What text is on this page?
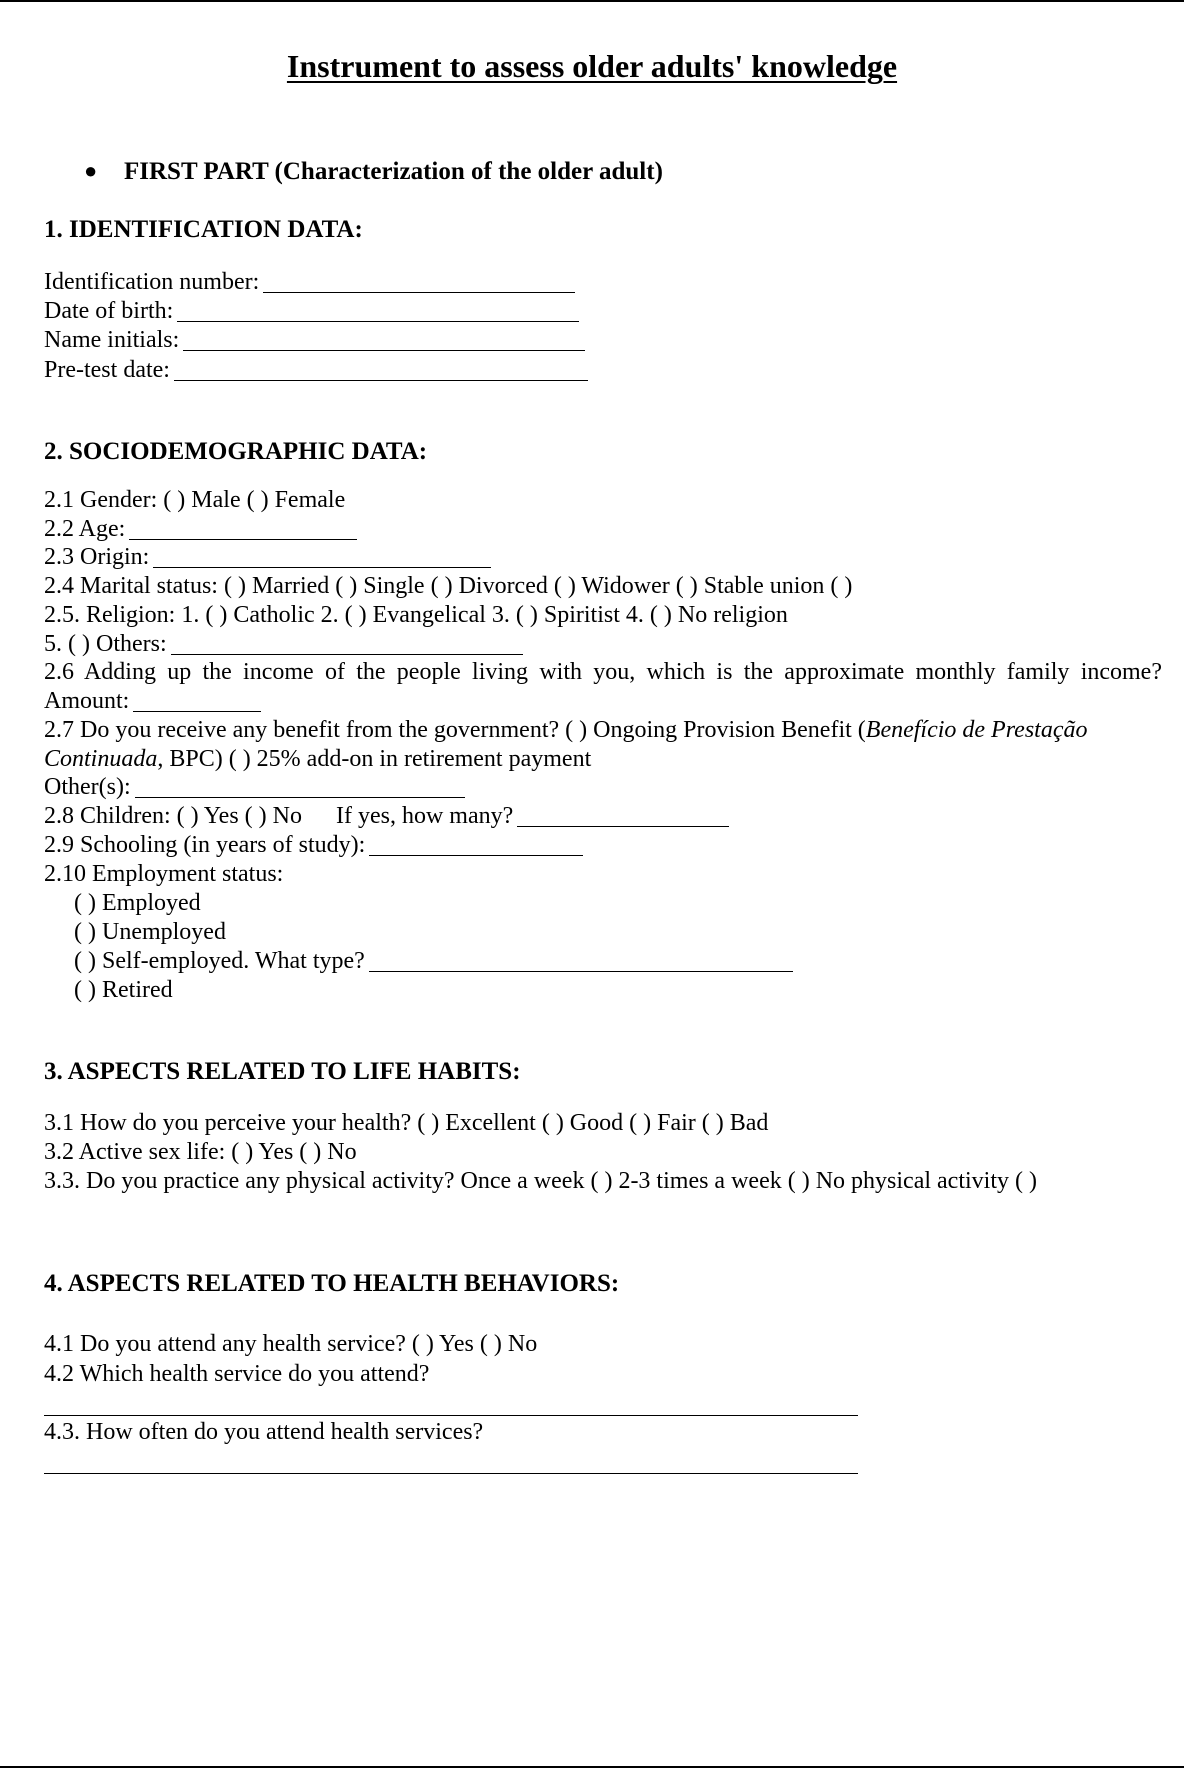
Instrument to assess older adults' knowledge
● FIRST PART (Characterization of the older adult)
1. IDENTIFICATION DATA:
Identification number:
Date of birth:
Name initials:
Pre-test date:
2. SOCIODEMOGRAPHIC DATA:
2.1 Gender: ( ) Male ( ) Female
2.2 Age:
2.3 Origin:
2.4 Marital status: ( ) Married ( ) Single ( ) Divorced ( ) Widower ( ) Stable union ( )
2.5. Religion: 1. ( ) Catholic 2. ( ) Evangelical 3. ( ) Spiritist 4. ( ) No religion
5. ( ) Others:
2.6 Adding up the income of the people living with you, which is the approximate monthly family income?
Amount:
2.7 Do you receive any benefit from the government? ( ) Ongoing Provision Benefit (Benefício de Prestação
Continuada, BPC) ( ) 25% add-on in retirement payment
Other(s):
2.8 Children: ( ) Yes ( ) No If yes, how many?
2.9 Schooling (in years of study):
2.10 Employment status:
( ) Employed
( ) Unemployed
( ) Self-employed. What type?
( ) Retired
3. ASPECTS RELATED TO LIFE HABITS:
3.1 How do you perceive your health? ( ) Excellent ( ) Good ( ) Fair ( ) Bad
3.2 Active sex life: ( ) Yes ( ) No
3.3. Do you practice any physical activity? Once a week ( ) 2-3 times a week ( ) No physical activity ( )
4. ASPECTS RELATED TO HEALTH BEHAVIORS:
4.1 Do you attend any health service? ( ) Yes ( ) No
4.2 Which health service do you attend?
4.3. How often do you attend health services?
